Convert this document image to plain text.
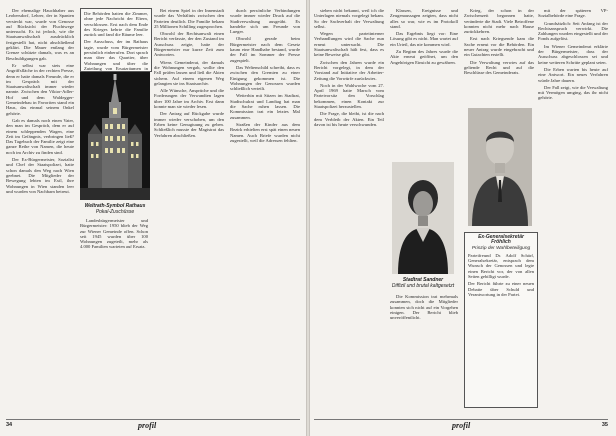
Der ehemalige Hauchhaber aus Leobersdorf, Lehrer, der in Spanien versteckt war, wurde von Genosse auf Rücksicht der Fluchtwege untersucht. Es ist jedoch, wie die Staatsanwaltschaft ausdrücklich festgestellt hat, nicht abschließend geklärt. Die Mauer entlang der Grenze schützte damals, was es an Beschuldigungen gab.

Er selbst war stets eine Angriffsfläche in der rechten Presse, denn er hatte damals Freunde, die er im Gespräch mit der Staatsanwaltschaft immer wieder nannte. Zwischen den Viktor-Adler-Hof und dem Waldegger-Gemeindebau in Favoriten stand ein Haus, das einmal seinem Onkel gehörte.

Gab es damals noch einen Vater, den man im Gespräch, dem er auf einem schleppenden Wagen, eine Zeit im Gefängnis, verbringen ließ? Das Tagebuch der Familie zeigt eine ganze Reihe von Namen, die heute noch im Archiv zu finden sind.

Der Ex-Bürgermeister, Sozialist und Chef der Staatspolizei, hatte schon damals den Weg nach Wien geebnet. Die Mitglieder der Bewegung lebten im Exil, ihre Wohnungen in Wien standen leer und wurden von Nachbarn betreut.

Die Behörden hatten die Zimmer, ohne jede Nachricht der Eltern, verschlossen. Erst nach dem Ende des Krieges kehrte die Familie zurück und fand die Räume leer.

Der Ausschuss, der im Rathaus tagte, wurde vom Bürgermeister persönlich einberufen. Dort sprach man über das Quartier, über Wohnungen und über die Zuteilung von Ersatzräumen in

Weltrath-Symbol Rathaus
Pokal-Zuschüsse

Landesbürgermeister und Bürgermeister: 1950 blieb der Weg zur Wiener Gemeinde offen. Schon seit 1945 wurden über 100 Wohnungen zugeteilt, mehr als 4.000 Familien warteten auf Ersatz.

Bei einem Spiel in der Innenstadt wurde das Verhältnis zwischen den Parteien deutlich. Die Familie bekam 25 Millionen Schilling zugesprochen.

Obwohl der Rechtsanwalt einen Bericht verfasste, der den Zustand im Ausschuss zeigte, hatte der Bürgermeister nur kurze Zeit zum Antworten.

Wiens Gemeinderat, der damals die Wohnungen vergab, wollte den Fall prüfen lassen und ließ die Akten sichern. Auf einem eigenen Weg gelangten sie ins Staatsarchiv.

Alle Wünsche, Ansprüche und die Forderungen der Verwandten lagen über 100 Jahre im Archiv. Erst dann konnte man sie wieder lesen.

Der Antrag auf Rückgabe wurde immer wieder verschoben, um den Erben keine Genugtuung zu geben. Schließlich musste der Magistrat das Verfahren abschließen.

durch persönliche Verbindungen wurde immer wieder Druck auf die Stadtverwaltung ausgeübt. Es handelte sich um Freunde von Lueger.

Obwohl gerade beim Bürgermeister nach dem Gesetz kaum eine Handhabe bestand, wurde der Fall im Sommer der Presse zugespielt.

Das Weltenschild schreibt, dass es zwischen den Gremien zu einer Einigung gekommen ist. Die Wohnungen der Genossen wurden schließlich verteilt.

Weiterhin mit Sitzen im Stadtrat, Stadtschulrat und Landtag hat man die Sache ruhen lassen. Die Kommission trat ein letztes Mal zusammen.

Straßen der Kinder aus dem Bezirk erhielten erst spät einen neuen Namen. Auch Briefe wurden nicht zugestellt, weil die Adressen fehlten.

34	profil

sieben nicht bekannt, weil ich die Unterlagen niemals vorgelegt bekam. So der Sachverhalt der Verwaltung selbst.

Wegen parteiinterner Verhandlungen wird die Sache nun erneut untersucht. Die Staatsanwaltschaft hält fest, dass es keine Beweise gibt.

Zwischen den Jahren wurde ein Bericht vorgelegt, in dem der Vorstand auf Initiative der Arbeiter-Zeitung die Vorwürfe zurückwies.

Noch in der Wahlwoche vom 27. April 1969 hatte Marsch vom Parteivorsitz den Vorschlag bekommen, einen Kontakt zur Staatspolizei herzustellen.

Die Frage, die bleibt, ist die nach dem Verbleib der Akten. Ein Teil davon ist bis heute verschwunden.

Klassen, Ereignisse und Zeugenaussagen zeigten, dass nicht alles so war, wie es im Protokoll stand.

Das Ergebnis liegt vor: Eine Lösung gibt es nicht. Man wartet auf ein Urteil, das nie kommen wird.

Zu Beginn des Jahres wurde die Akte erneut geöffnet, um den Angehörigen Einsicht zu gewähren.

Stadtrat Sandner
Diffizil und brutal kaltgesetzt

Die Kommission trat mehrmals zusammen, doch die Mitglieder konnten sich nicht auf ein Vorgehen einigen. Der Bericht blieb unveröffentlicht.

Krieg, der schon in der Zwischenzeit begonnen hatte, veränderte die Stadt. Viele Betroffene konnten nicht mehr nach Hause zurückkehren.

Erst nach Kriegsende kam die Sache erneut vor die Behörden. Ein neuer Antrag wurde eingebracht und ein Gutachten erstellt.

Die Verwaltung verwies auf das geltende Recht und auf die Beschlüsse des Gemeinderats.

Ex-Generalsekretär Fröhlich
Prinzip der Wahlbeteiligung

Parteifreund Dr. Adolf Schärf, Generalsekretär, entsprach dem Wunsch der Genossen und legte einen Bericht vor, der von allen Seiten gebilligt wurde.

Der Bericht führte zu einer neuen Debatte über Schuld und Verantwortung in der Partei.

mit der späteren VP-Sozialbehörde eine Frage.

Grundsätzlich: Seit Anfang ist der Rechtsanspruch verwirkt. Die Zahlungen wurden eingestellt und der Fonds aufgelöst.

Im Wiener Gemeinderat erklärte der Bürgermeister, dass der Ausschuss abgeschlossen sei und keine weiteren Schritte geplant seien.

Die Erben warten bis heute auf eine Antwort. Ein neues Verfahren würde Jahre dauern.

Der Fall zeigt, wie die Verwaltung mit Vermögen umging, das ihr nicht gehörte.

profil	35
